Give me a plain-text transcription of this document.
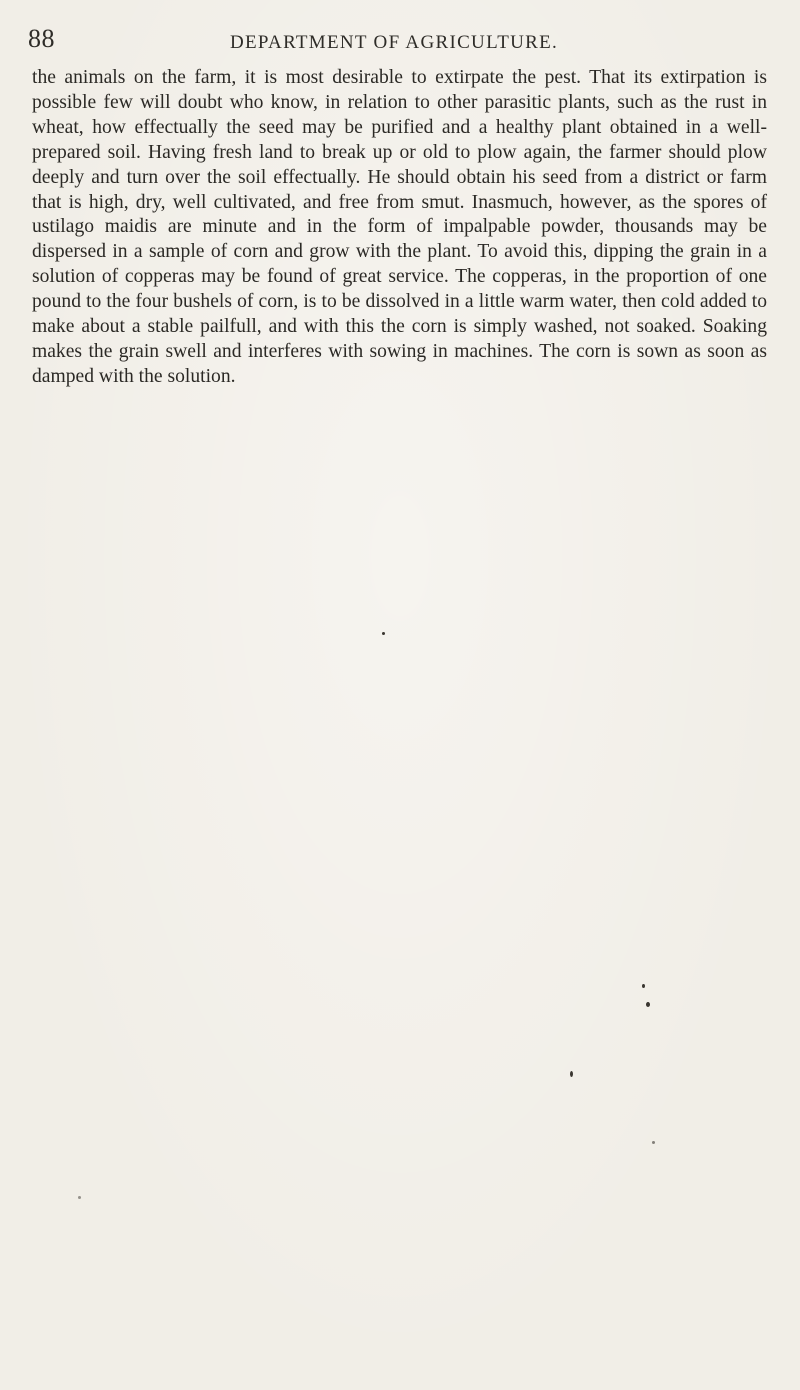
88	DEPARTMENT OF AGRICULTURE.

the animals on the farm, it is most desirable to extirpate the pest. That its extirpation is possible few will doubt who know, in relation to other parasitic plants, such as the rust in wheat, how effectually the seed may be purified and a healthy plant obtained in a well-prepared soil. Having fresh land to break up or old to plow again, the farmer should plow deeply and turn over the soil effectually. He should obtain his seed from a district or farm that is high, dry, well cultivated, and free from smut. Inasmuch, however, as the spores of ustilago maidis are minute and in the form of impalpable powder, thousands may be dispersed in a sample of corn and grow with the plant. To avoid this, dipping the grain in a solution of copperas may be found of great service. The copperas, in the proportion of one pound to the four bushels of corn, is to be dissolved in a little warm water, then cold added to make about a stable pailfull, and with this the corn is simply washed, not soaked. Soaking makes the grain swell and interferes with sowing in machines. The corn is sown as soon as damped with the solution.
